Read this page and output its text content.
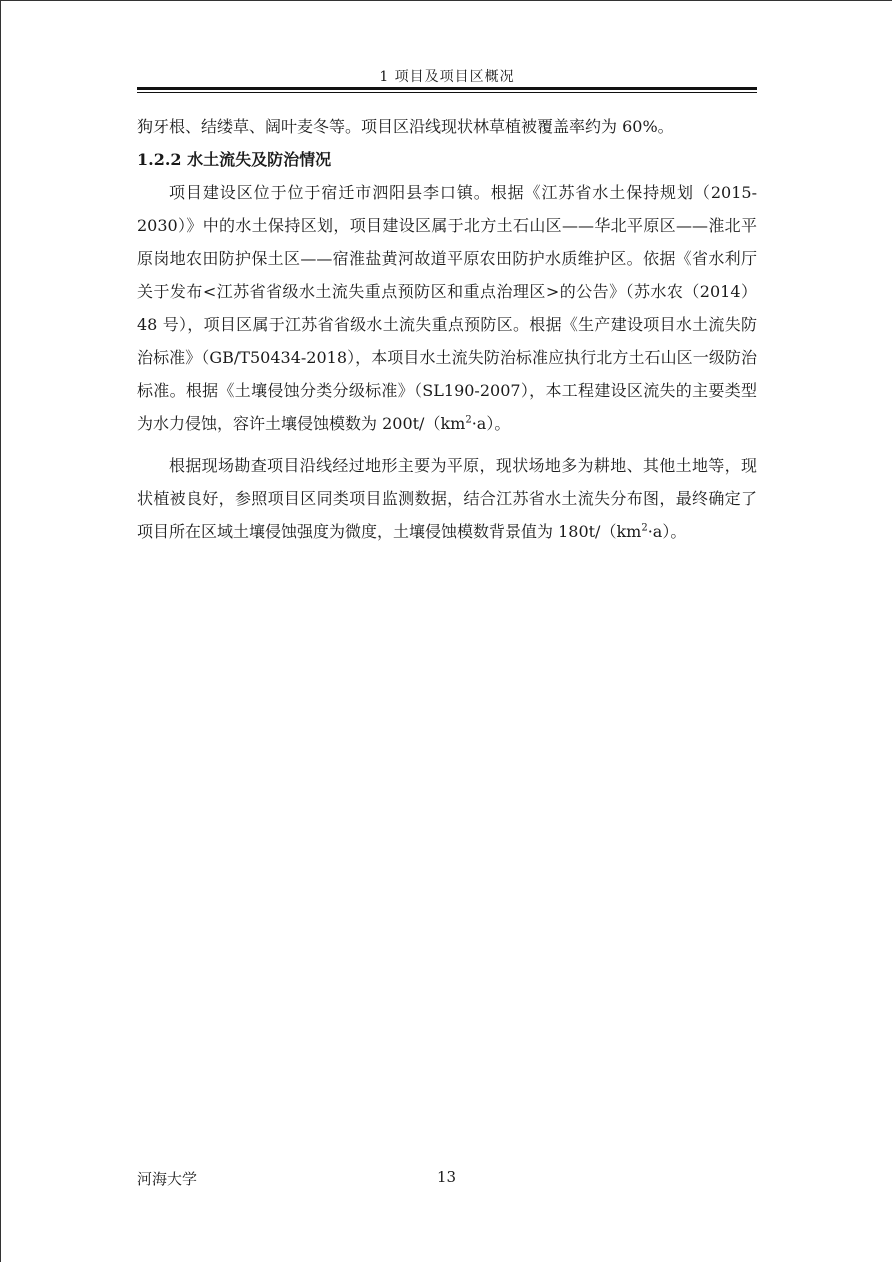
1 项目及项目区概况

狗牙根、结缕草、阔叶麦冬等。项目区沿线现状林草植被覆盖率约为 60%。

1.2.2 水土流失及防治情况

项目建设区位于位于宿迁市泗阳县李口镇。根据《江苏省水土保持规划（2015-2030）》中的水土保持区划，项目建设区属于北方土石山区——华北平原区——淮北平原岗地农田防护保土区——宿淮盐黄河故道平原农田防护水质维护区。依据《省水利厅关于发布<江苏省省级水土流失重点预防区和重点治理区>的公告》（苏水农（2014）48 号），项目区属于江苏省省级水土流失重点预防区。根据《生产建设项目水土流失防治标准》（GB/T50434-2018），本项目水土流失防治标准应执行北方土石山区一级防治标准。根据《土壤侵蚀分类分级标准》（SL190-2007），本工程建设区流失的主要类型为水力侵蚀，容许土壤侵蚀模数为 $200t/(km^2\cdot a)$。

根据现场勘查项目沿线经过地形主要为平原，现状场地多为耕地、其他土地等，现状植被良好，参照项目区同类项目监测数据，结合江苏省水土流失分布图，最终确定了项目所在区域土壤侵蚀强度为微度，土壤侵蚀模数背景值为 $180t/(km^2\cdot a)$。

河海大学	13
